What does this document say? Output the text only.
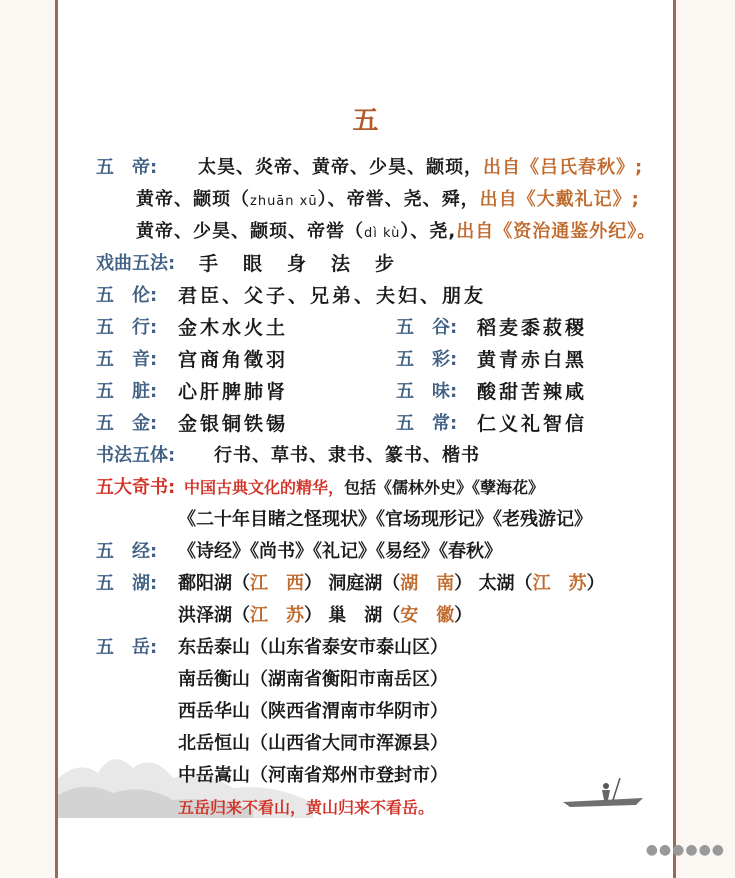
五
五　帝: 太昊、炎帝、黄帝、少昊、颛顼，出自《吕氏春秋》;
黄帝、颛顼（zhuān xū）、帝喾、尧、舜，出自《大戴礼记》;
黄帝、少昊、颛顼、帝喾（dì kù）、尧,出自《资治通鉴外纪》。
戏曲五法: 手　眼　身　法　步
五　伦: 君臣、父子、兄弟、夫妇、朋友
五　行: 金木水火土	五　谷: 稻麦黍菽稷
五　音: 宫商角徵羽	五　彩: 黄青赤白黑
五　脏: 心肝脾肺肾	五　味: 酸甜苦辣咸
五　金: 金银铜铁锡	五　常: 仁义礼智信
书法五体: 行书、草书、隶书、篆书、楷书
五大奇书: 中国古典文化的精华，包括《儒林外史》《孽海花》
《二十年目睹之怪现状》《官场现形记》《老残游记》
五　经: 《诗经》《尚书》《礼记》《易经》《春秋》
五　湖: 鄱阳湖（江　西） 洞庭湖（湖　南） 太湖（江　苏）
洪泽湖（江　苏） 巢　湖（安　徽）
五　岳: 东岳泰山（山东省泰安市泰山区）
南岳衡山（湖南省衡阳市南岳区）
西岳华山（陕西省渭南市华阴市）
北岳恒山（山西省大同市浑源县）
中岳嵩山（河南省郑州市登封市）
五岳归来不看山，黄山归来不看岳。
●●●●●●
